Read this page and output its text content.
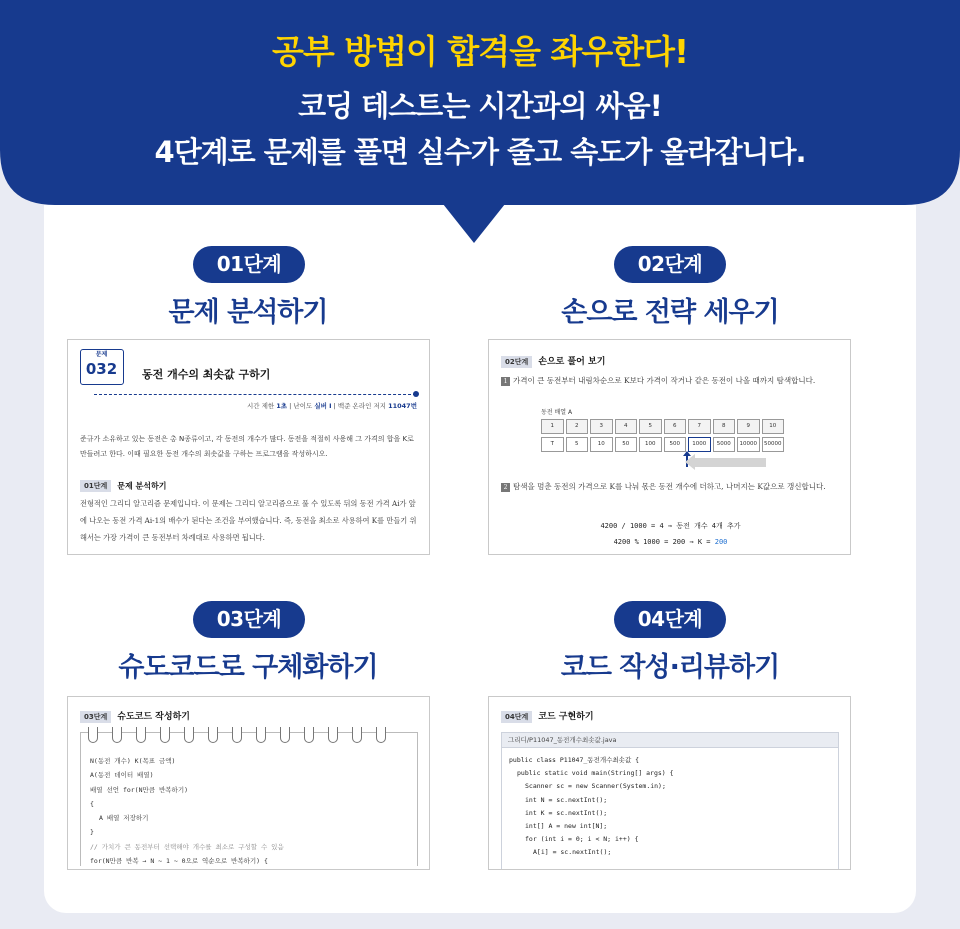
공부 방법이 합격을 좌우한다!
코딩 테스트는 시간과의 싸움!
4단계로 문제를 풀면 실수가 줄고 속도가 올라갑니다.
01단계
문제 분석하기
02단계
손으로 전략 세우기
03단계
슈도코드로 구체화하기
04단계
코드 작성·리뷰하기
문제
032	동전 개수의 최솟값 구하기
시간 제한 1초 | 난이도 실버 I | 백준 온라인 저지 11047번
준규가 소유하고 있는 동전은 총 N종류이고, 각 동전의 개수가 많다. 동전을 적절히 사용해 그 가격의 합을 K로 만들려고 한다. 이때 필요한 동전 개수의 최솟값을 구하는 프로그램을 작성하시오.
01단계 문제 분석하기
전형적인 그리디 알고리즘 문제입니다. 이 문제는 그리디 알고리즘으로 풀 수 있도록 뒤의 동전 가격 Ai가 앞에 나오는 동전 가격 Ai-1의 배수가 된다는 조건을 부여했습니다. 즉, 동전을 최소로 사용하여 K를 만들기 위해서는 가장 가격이 큰 동전부터 차례대로 사용하면 됩니다.
02단계 손으로 풀어 보기
1 가격이 큰 동전부터 내림차순으로 K보다 가격이 작거나 같은 동전이 나올 때까지 탐색합니다.
동전 배열 A
1	2	3	4	5	6	7	8	9	10
T	5	10	50	100	500	1000	5000	10000	50000
2 탐색을 멈춘 동전의 가격으로 K를 나눠 몫은 동전 개수에 더하고, 나머지는 K값으로 갱신합니다.
4200 / 1000 = 4 ⇒ 동전 개수 4개 추가
4200 % 1000 = 200 ⇒ K = 200
03단계 슈도코드 작성하기
N(동전 개수) K(목표 금액)
A(동전 데이터 배열)
배열 선언 for(N만큼 반복하기)
{
A 배열 저장하기
}
// 가치가 큰 동전부터 선택해야 개수를 최소로 구성할 수 있음
for(N만큼 반복 → N ~ 1 ~ 0으로 역순으로 반복하기) {
04단계 코드 구현하기
그리디/P11047_동전개수최솟값.java
public class P11047_동전개수최솟값 {
public static void main(String[] args) {
Scanner sc = new Scanner(System.in);
int N = sc.nextInt();
int K = sc.nextInt();
int[] A = new int[N];
for (int i = 0; i < N; i++) {
A[i] = sc.nextInt();
